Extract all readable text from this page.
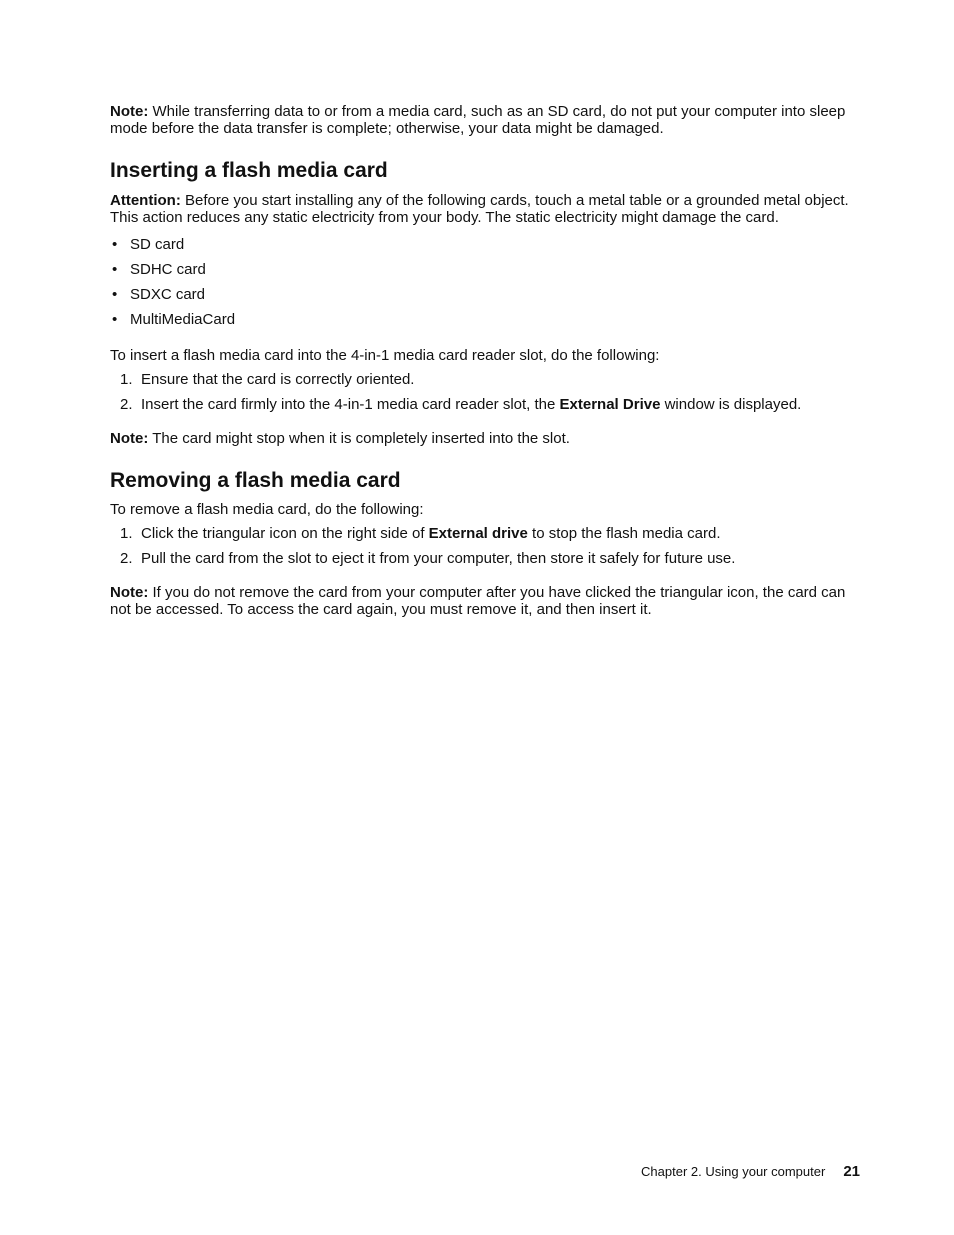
Note: While transferring data to or from a media card, such as an SD card, do not put your computer into sleep mode before the data transfer is complete; otherwise, your data might be damaged.

Inserting a flash media card

Attention: Before you start installing any of the following cards, touch a metal table or a grounded metal object. This action reduces any static electricity from your body. The static electricity might damage the card.

• SD card
• SDHC card
• SDXC card
• MultiMediaCard

To insert a flash media card into the 4-in-1 media card reader slot, do the following:

1. Ensure that the card is correctly oriented.
2. Insert the card firmly into the 4-in-1 media card reader slot, the External Drive window is displayed.

Note: The card might stop when it is completely inserted into the slot.

Removing a flash media card

To remove a flash media card, do the following:

1. Click the triangular icon on the right side of External drive to stop the flash media card.
2. Pull the card from the slot to eject it from your computer, then store it safely for future use.

Note: If you do not remove the card from your computer after you have clicked the triangular icon, the card can not be accessed. To access the card again, you must remove it, and then insert it.

Chapter 2. Using your computer 21
